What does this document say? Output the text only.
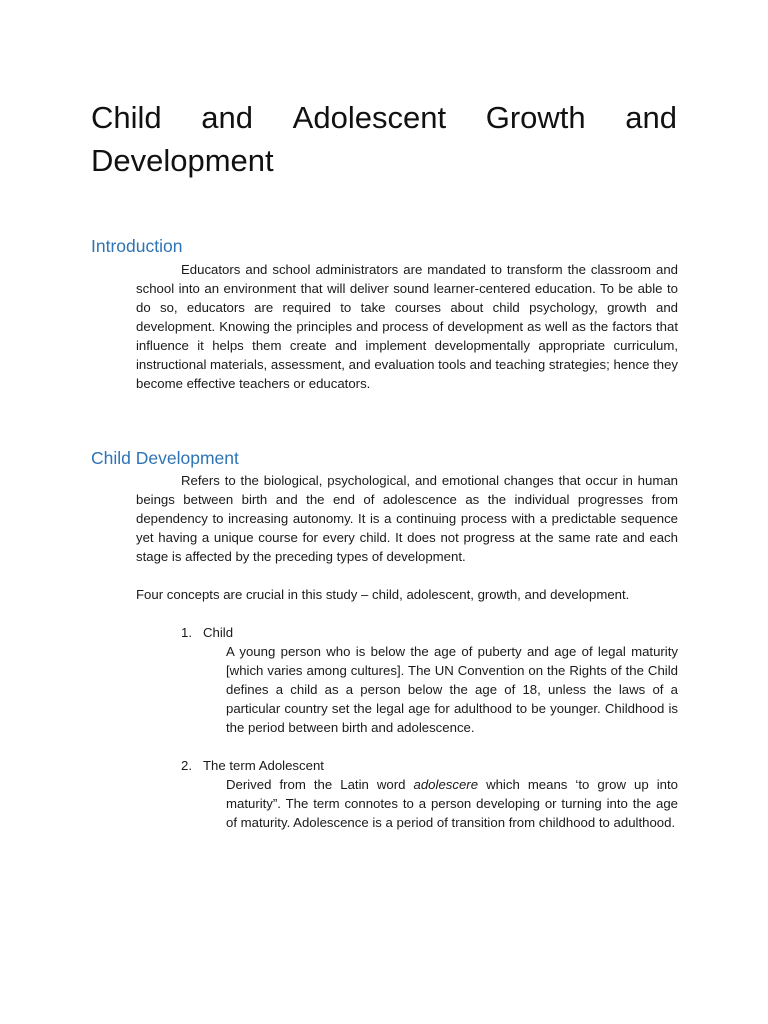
Child and Adolescent Growth and
Development
Introduction

Educators and school administrators are mandated to transform the classroom and school into an environment that will deliver sound learner-centered education. To be able to do so, educators are required to take courses about child psychology, growth and development. Knowing the principles and process of development as well as the factors that influence it helps them create and implement developmentally appropriate curriculum, instructional materials, assessment, and evaluation tools and teaching strategies; hence they become effective teachers or educators.

Child Development

Refers to the biological, psychological, and emotional changes that occur in human beings between birth and the end of adolescence as the individual progresses from dependency to increasing autonomy. It is a continuing process with a predictable sequence yet having a unique course for every child. It does not progress at the same rate and each stage is affected by the preceding types of development.

Four concepts are crucial in this study – child, adolescent, growth, and development.

1. Child

A young person who is below the age of puberty and age of legal maturity [which varies among cultures]. The UN Convention on the Rights of the Child defines a child as a person below the age of 18, unless the laws of a particular country set the legal age for adulthood to be younger. Childhood is the period between birth and adolescence.

2. The term Adolescent

Derived from the Latin word adolescere which means ‘to grow up into maturity”. The term connotes to a person developing or turning into the age of maturity. Adolescence is a period of transition from childhood to adulthood.
